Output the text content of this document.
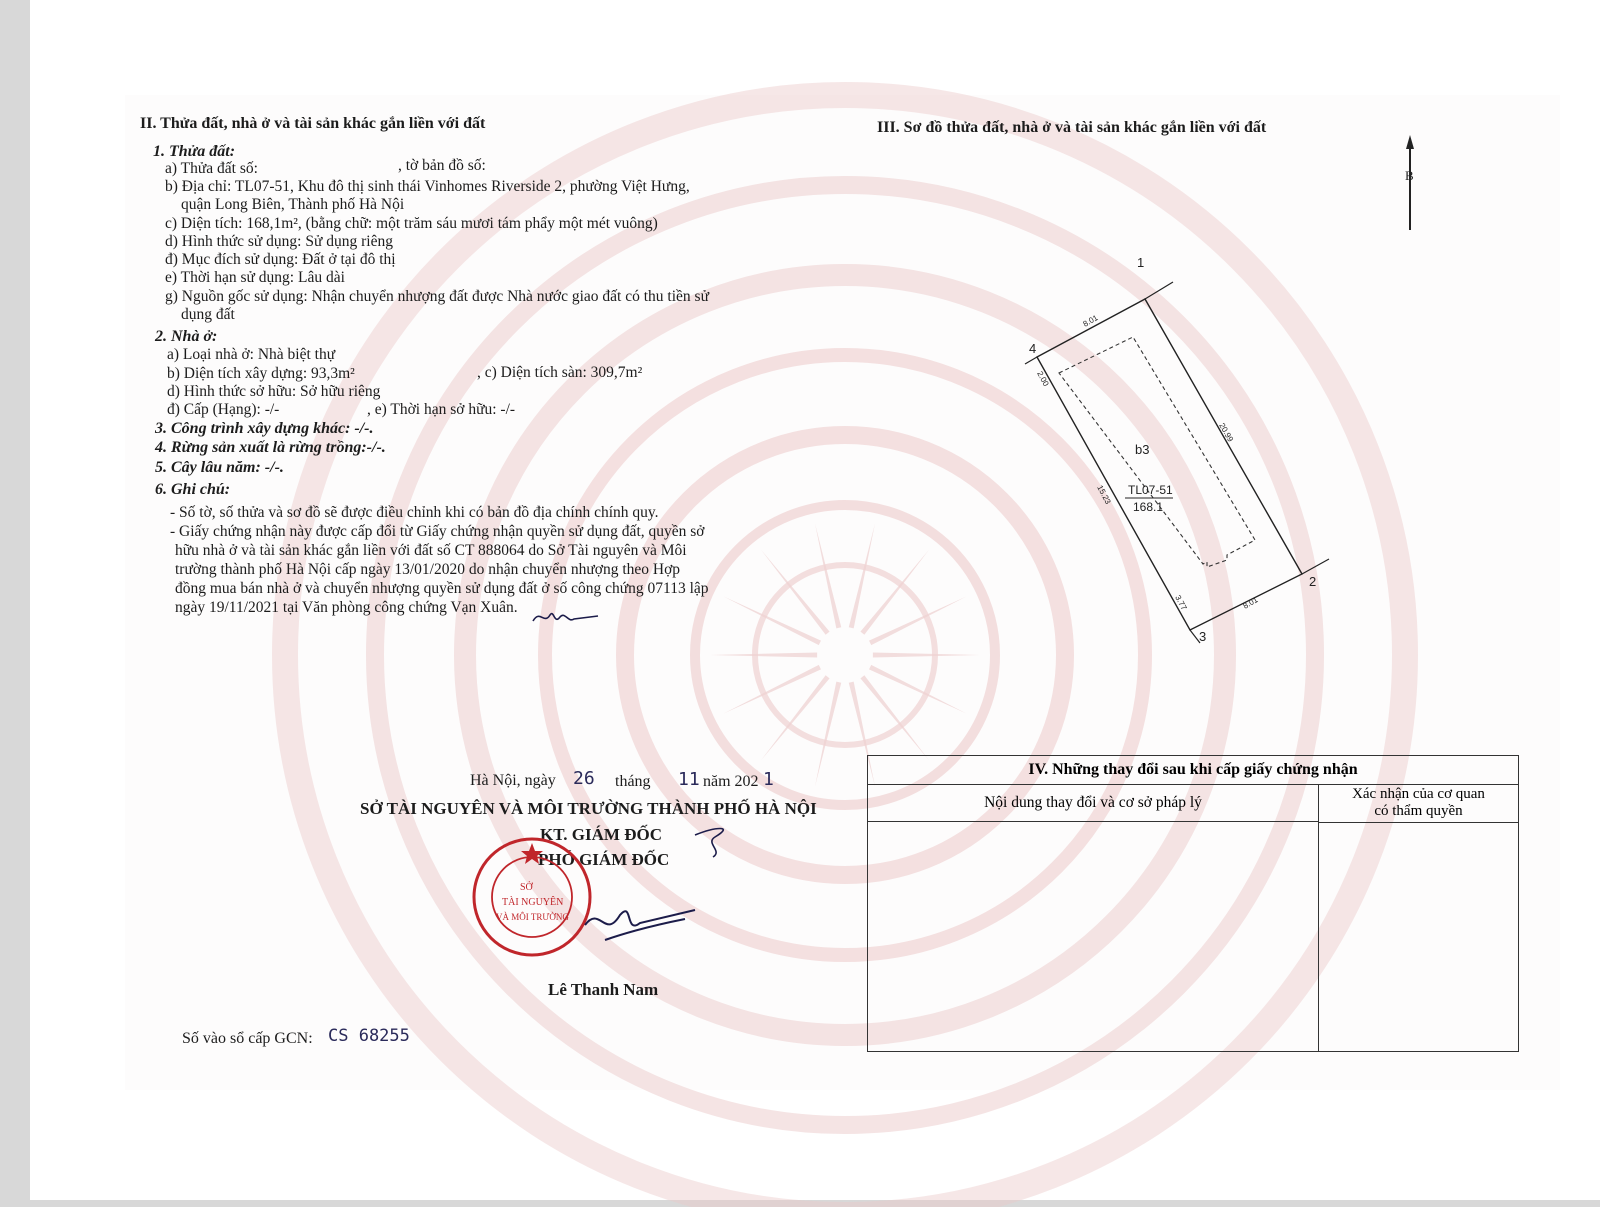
II. Thửa đất, nhà ở và tài sản khác gắn liền với đất
1. Thửa đất:
a) Thửa đất số:	, tờ bản đồ số:
b) Địa chỉ: TL07-51, Khu đô thị sinh thái Vinhomes Riverside 2, phường Việt Hưng,
quận Long Biên, Thành phố Hà Nội
c) Diện tích: 168,1m², (bằng chữ: một trăm sáu mươi tám phẩy một mét vuông)
d) Hình thức sử dụng: Sử dụng riêng
đ) Mục đích sử dụng: Đất ở tại đô thị
e) Thời hạn sử dụng: Lâu dài
g) Nguồn gốc sử dụng: Nhận chuyển nhượng đất được Nhà nước giao đất có thu tiền sử
dụng đất
2. Nhà ở:
a) Loại nhà ở: Nhà biệt thự
b) Diện tích xây dựng: 93,3m²	, c) Diện tích sàn: 309,7m²
d) Hình thức sở hữu: Sở hữu riêng
đ) Cấp (Hạng): -/-	, e) Thời hạn sở hữu: -/-
3. Công trình xây dựng khác: -/-.
4. Rừng sản xuất là rừng trồng:-/-.
5. Cây lâu năm: -/-.
6. Ghi chú:
- Số tờ, số thửa và sơ đồ sẽ được điều chỉnh khi có bản đồ địa chính chính quy.
- Giấy chứng nhận này được cấp đổi từ Giấy chứng nhận quyền sử dụng đất, quyền sở
hữu nhà ở và tài sản khác gắn liền với đất số CT 888064 do Sở Tài nguyên và Môi
trường thành phố Hà Nội cấp ngày 13/01/2020 do nhận chuyển nhượng theo Hợp
đồng mua bán nhà ở và chuyển nhượng quyền sử dụng đất ở số công chứng 07113 lập
ngày 19/11/2021 tại Văn phòng công chứng Vạn Xuân.
III. Sơ đồ thửa đất, nhà ở và tài sản khác gắn liền với đất
B
1
2
3
4
b3
TL07-51
168.1
8.01
20.99
8.01
3.77
15.23
2.00
Hà Nội, ngày 26 tháng 11 năm 202 1
SỞ TÀI NGUYÊN VÀ MÔI TRƯỜNG THÀNH PHỐ HÀ NỘI
KT. GIÁM ĐỐC
PHÓ GIÁM ĐỐC
SỞ
TÀI NGUYÊN
VÀ MÔI TRƯỜNG
Lê Thanh Nam
Số vào sổ cấp GCN: CS 68255
IV. Những thay đổi sau khi cấp giấy chứng nhận
Nội dung thay đổi và cơ sở pháp lý	Xác nhận của cơ quan
có thẩm quyền
